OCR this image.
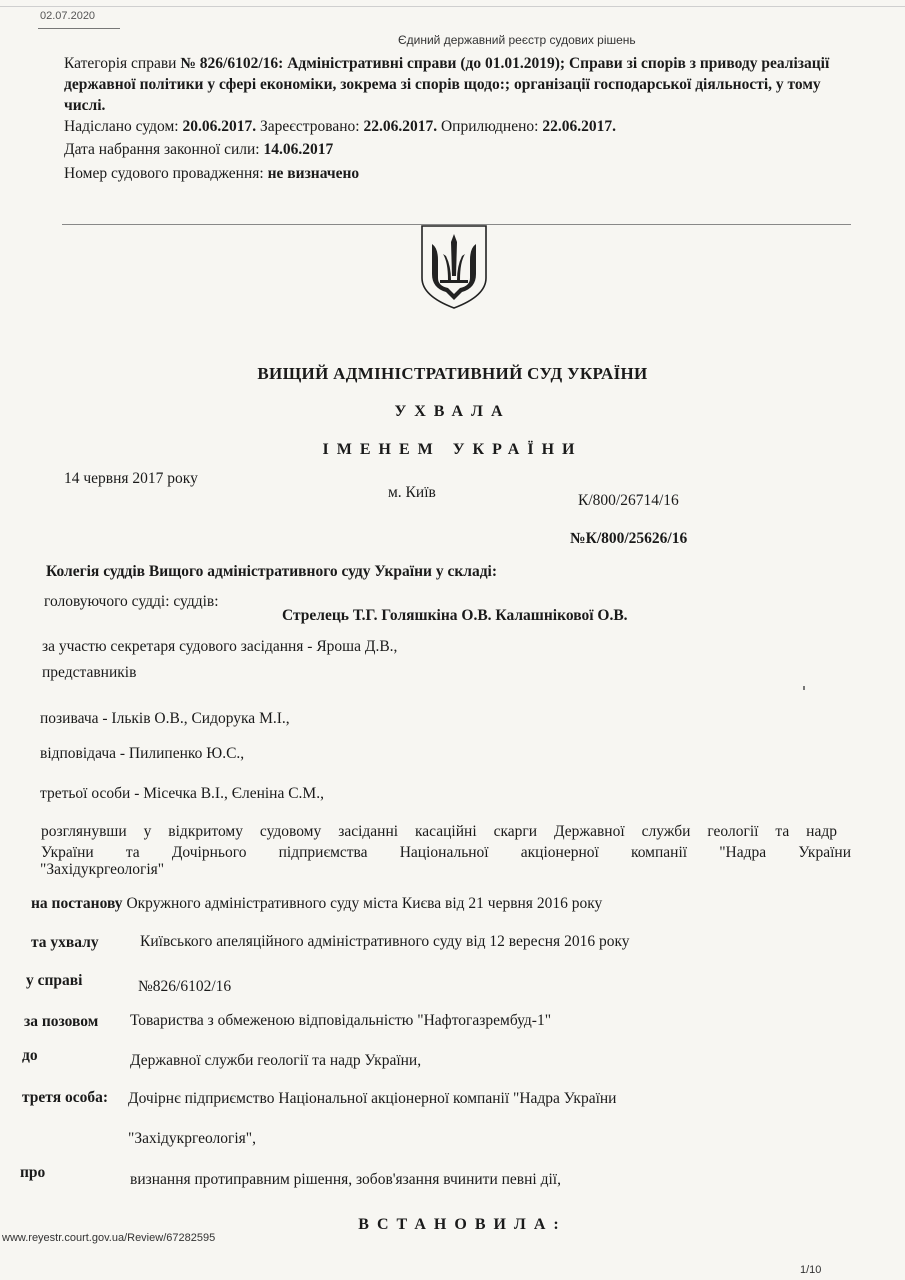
02.07.2020
Єдиний державний реєстр судових рішень
Категорія справи № 826/6102/16: Адміністративні справи (до 01.01.2019); Справи зі спорів з приводу реалізації державної політики у сфері економіки, зокрема зі спорів щодо:; організації господарської діяльності, у тому числі.
Надіслано судом: 20.06.2017. Зареєстровано: 22.06.2017. Оприлюднено: 22.06.2017.
Дата набрання законної сили: 14.06.2017
Номер судового провадження: не визначено
ВИЩИЙ АДМІНІСТРАТИВНИЙ СУД УКРАЇНИ
УХВАЛА
ІМЕНЕМ УКРАЇНИ
14 червня 2017 року
м. Київ	К/800/26714/16
№К/800/25626/16
Колегія суддів Вищого адміністративного суду України у складі:
головуючого судді: суддів:
Стрелець Т.Г. Голяшкіна О.В. Калашнікової О.В.
за участю секретаря судового засідання - Яроша Д.В.,
представників
позивача - Ільків О.В., Сидорука М.І.,
відповідача - Пилипенко Ю.С.,
третьої особи - Місечка В.І., Єленіна С.М.,
розглянувши у відкритому судовому засіданні касаційні скарги Державної служби геології та надр
України та Дочірнього підприємства Національної акціонерної компанії "Надра України
"Західукргеологія"
на постанову Окружного адміністративного суду міста Києва від 21 червня 2016 року
та ухвалу	Київського апеляційного адміністративного суду від 12 вересня 2016 року
у справі	№826/6102/16
за позовом Товариства з обмеженою відповідальністю "Нафтогазрембуд-1"
до	Державної служби геології та надр України,
третя особа: Дочірнє підприємство Національної акціонерної компанії "Надра України
"Західукргеологія",
про	визнання протиправним рішення, зобов'язання вчинити певні дії,
ВСТАНОВИЛА:
www.reyestr.court.gov.ua/Review/67282595
1/10
